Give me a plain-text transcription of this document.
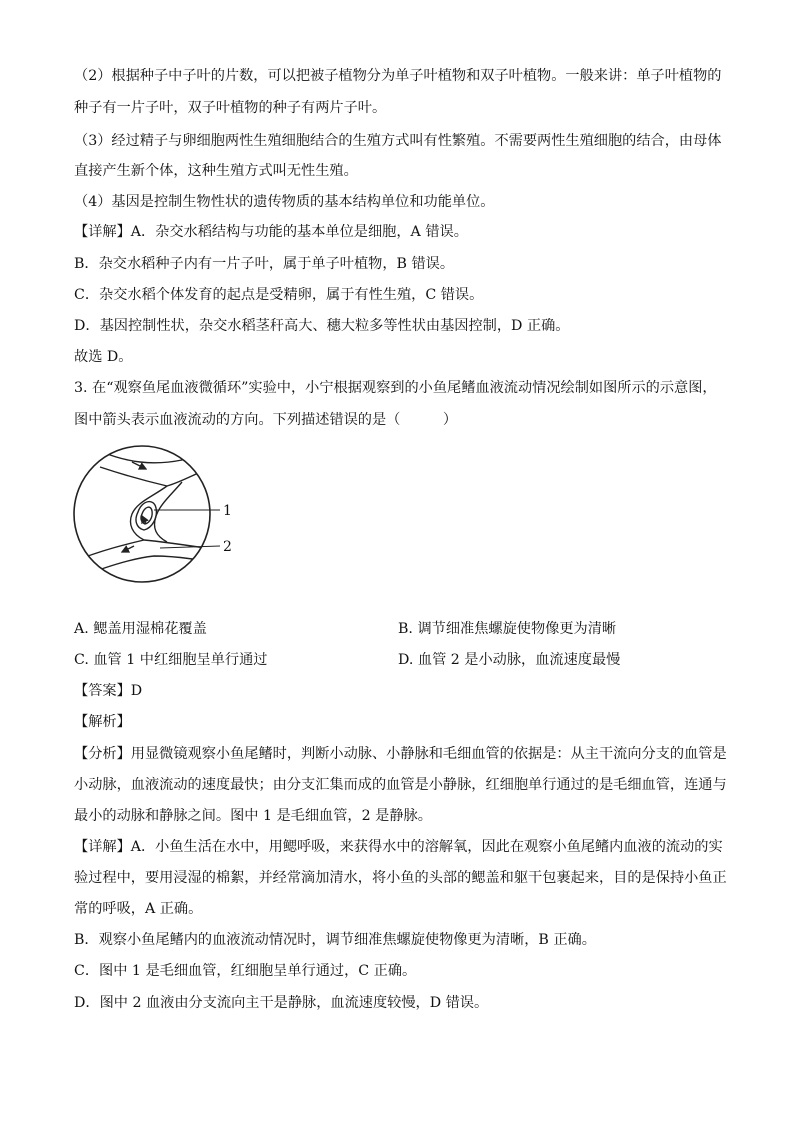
（2）根据种子中子叶的片数，可以把被子植物分为单子叶植物和双子叶植物。一般来讲：单子叶植物的
种子有一片子叶，双子叶植物的种子有两片子叶。
（3）经过精子与卵细胞两性生殖细胞结合的生殖方式叫有性繁殖。不需要两性生殖细胞的结合，由母体
直接产生新个体，这种生殖方式叫无性生殖。
（4）基因是控制生物性状的遗传物质的基本结构单位和功能单位。
【详解】A．杂交水稻结构与功能的基本单位是细胞，A 错误。
B．杂交水稻种子内有一片子叶，属于单子叶植物，B 错误。
C．杂交水稻个体发育的起点是受精卵，属于有性生殖，C 错误。
D．基因控制性状，杂交水稻茎秆高大、穗大粒多等性状由基因控制，D 正确。
故选 D。
3. 在“观察鱼尾血液微循环”实验中，小宁根据观察到的小鱼尾鳍血液流动情况绘制如图所示的示意图，
图中箭头表示血液流动的方向。下列描述错误的是（　　　）
1
2
A. 鳃盖用湿棉花覆盖	B. 调节细准焦螺旋使物像更为清晰
C. 血管 1 中红细胞呈单行通过	D. 血管 2 是小动脉，血流速度最慢
【答案】D
【解析】
【分析】用显微镜观察小鱼尾鳍时，判断小动脉、小静脉和毛细血管的依据是：从主干流向分支的血管是
小动脉，血液流动的速度最快；由分支汇集而成的血管是小静脉，红细胞单行通过的是毛细血管，连通与
最小的动脉和静脉之间。图中 1 是毛细血管，2 是静脉。
【详解】A．小鱼生活在水中，用鳃呼吸，来获得水中的溶解氧，因此在观察小鱼尾鳍内血液的流动的实
验过程中，要用浸湿的棉絮，并经常滴加清水，将小鱼的头部的鳃盖和躯干包裹起来，目的是保持小鱼正
常的呼吸，A 正确。
B．观察小鱼尾鳍内的血液流动情况时，调节细准焦螺旋使物像更为清晰，B 正确。
C．图中 1 是毛细血管，红细胞呈单行通过，C 正确。
D．图中 2 血液由分支流向主干是静脉，血流速度较慢，D 错误。
